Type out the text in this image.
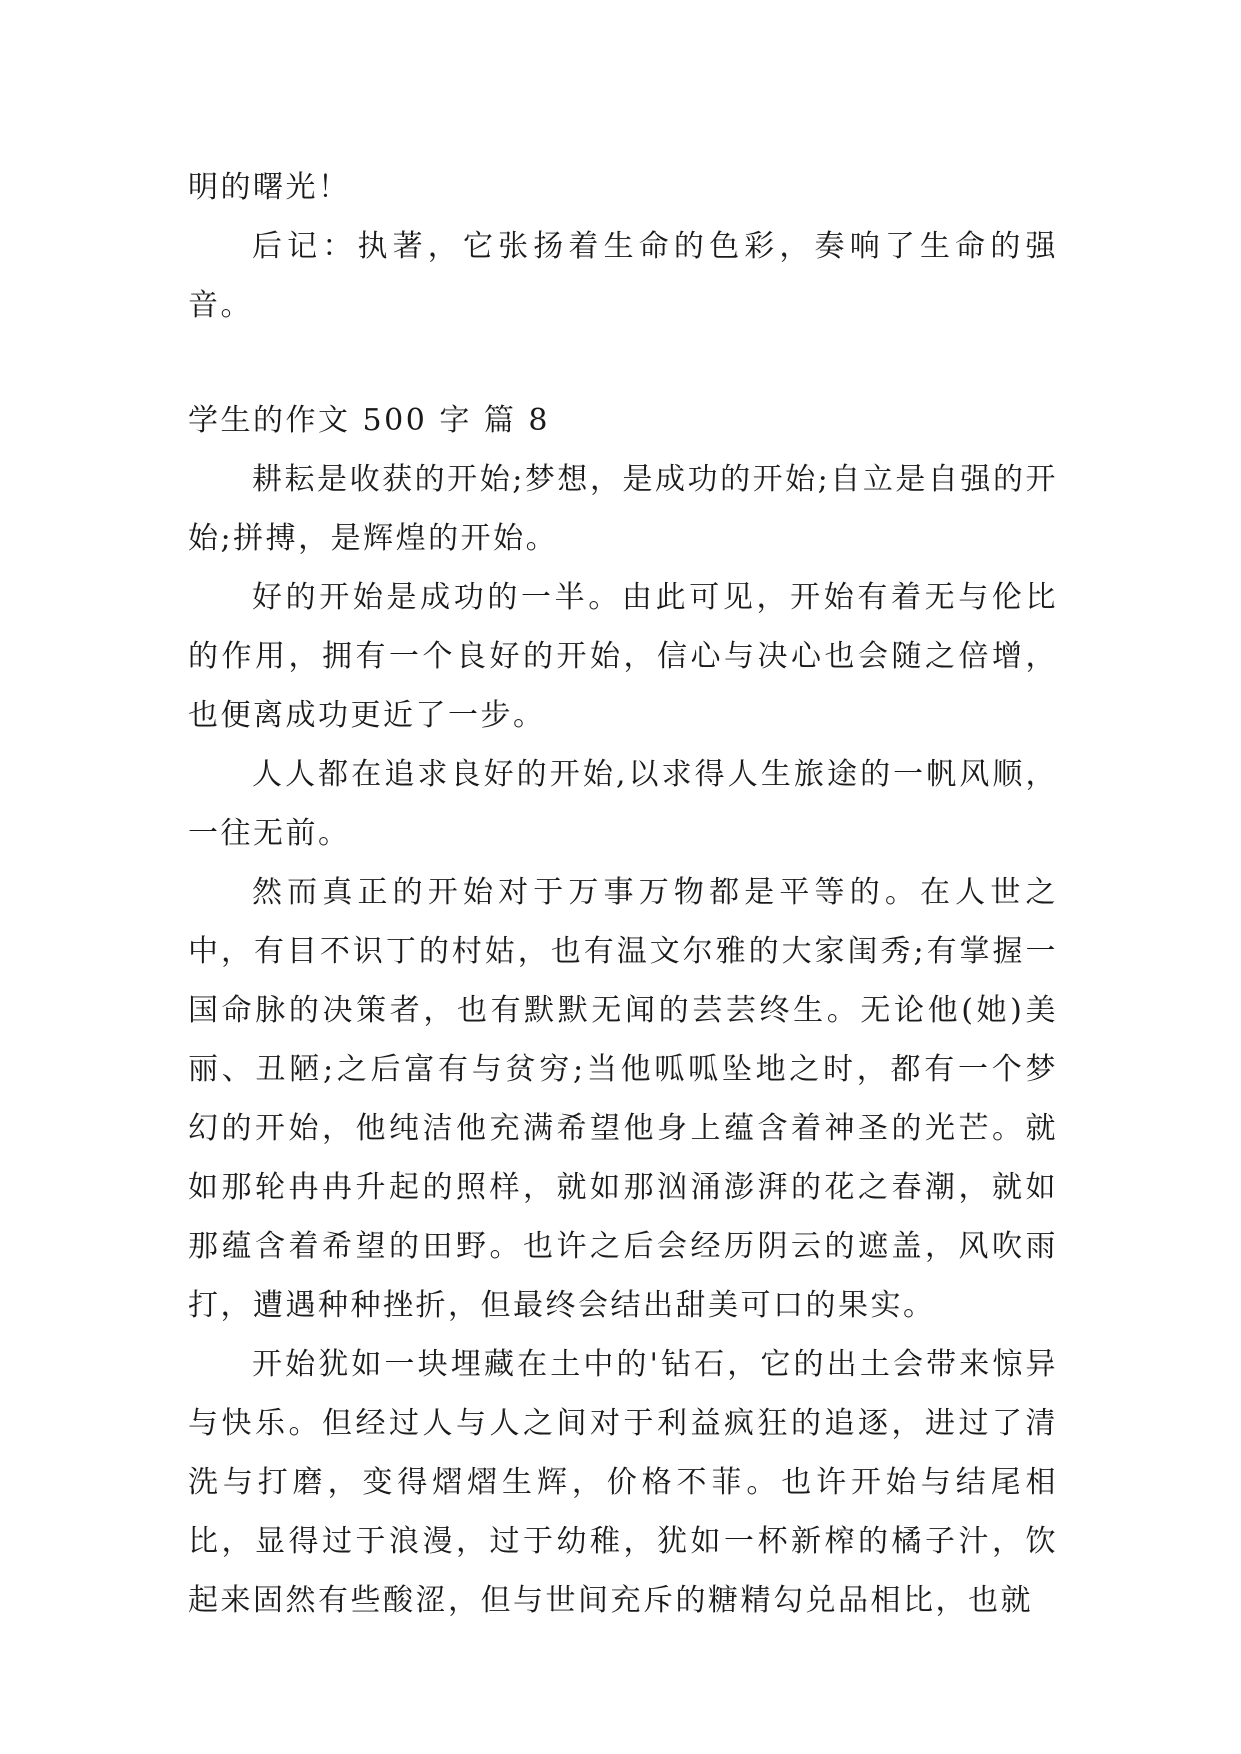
明的曙光！

后记：执著，它张扬着生命的色彩，奏响了生命的强音。

学生的作文 500 字 篇 8

耕耘是收获的开始;梦想，是成功的开始;自立是自强的开始;拼搏，是辉煌的开始。

好的开始是成功的一半。由此可见，开始有着无与伦比的作用，拥有一个良好的开始，信心与决心也会随之倍增，也便离成功更近了一步。

人人都在追求良好的开始,以求得人生旅途的一帆风顺，一往无前。

然而真正的开始对于万事万物都是平等的。在人世之中，有目不识丁的村姑，也有温文尔雅的大家闺秀;有掌握一国命脉的决策者，也有默默无闻的芸芸终生。无论他(她)美丽、丑陋;之后富有与贫穷;当他呱呱坠地之时，都有一个梦幻的开始，他纯洁他充满希望他身上蕴含着神圣的光芒。就如那轮冉冉升起的照样，就如那汹涌澎湃的花之春潮，就如那蕴含着希望的田野。也许之后会经历阴云的遮盖，风吹雨打，遭遇种种挫折，但最终会结出甜美可口的果实。

开始犹如一块埋藏在土中的'钻石，它的出土会带来惊异与快乐。但经过人与人之间对于利益疯狂的追逐，进过了清洗与打磨，变得熠熠生辉，价格不菲。也许开始与结尾相比，显得过于浪漫，过于幼稚，犹如一杯新榨的橘子汁，饮起来固然有些酸涩，但与世间充斥的糖精勾兑品相比，也就
